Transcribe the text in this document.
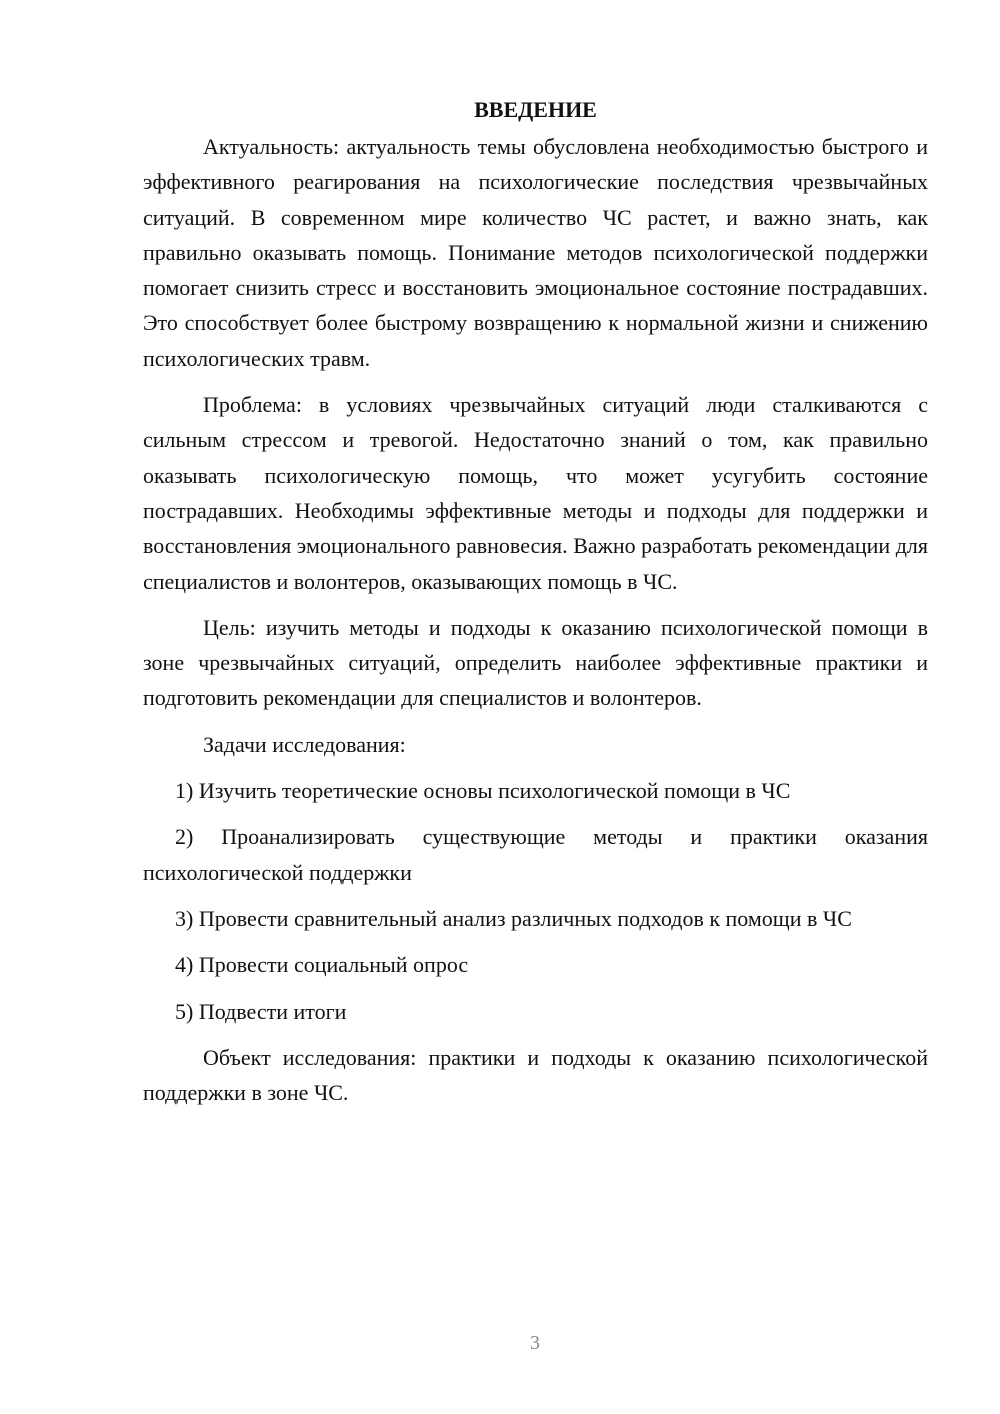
ВВЕДЕНИЕ

Актуальность: актуальность темы обусловлена необходимостью быстрого и эффективного реагирования на психологические последствия чрезвычайных ситуаций. В современном мире количество ЧС растет, и важно знать, как правильно оказывать помощь. Понимание методов психологической поддержки помогает снизить стресс и восстановить эмоциональное состояние пострадавших. Это способствует более быстрому возвращению к нормальной жизни и снижению психологических травм.

Проблема: в условиях чрезвычайных ситуаций люди сталкиваются с сильным стрессом и тревогой. Недостаточно знаний о том, как правильно оказывать психологическую помощь, что может усугубить состояние пострадавших. Необходимы эффективные методы и подходы для поддержки и восстановления эмоционального равновесия. Важно разработать рекомендации для специалистов и волонтеров, оказывающих помощь в ЧС.

Цель: изучить методы и подходы к оказанию психологической помощи в зоне чрезвычайных ситуаций, определить наиболее эффективные практики и подготовить рекомендации для специалистов и волонтеров.

Задачи исследования:

1) Изучить теоретические основы психологической помощи в ЧС

2) Проанализировать существующие методы и практики оказания психологической поддержки

3) Провести сравнительный анализ различных подходов к помощи в ЧС

4) Провести социальный опрос

5) Подвести итоги

Объект исследования: практики и подходы к оказанию психологической поддержки в зоне ЧС.

3
